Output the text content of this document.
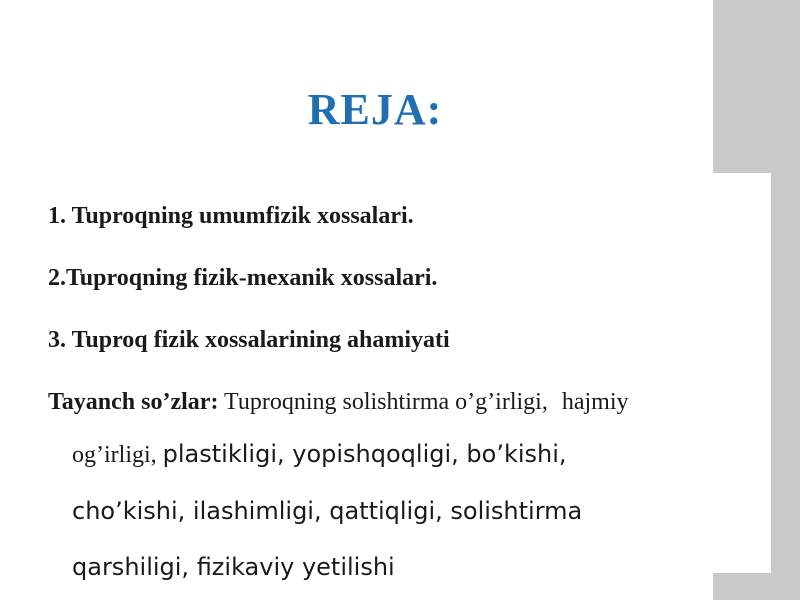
REJA:
1. Tuproqning umumfizik xossalari.
2.Tuproqning fizik-mexanik xossalari.
3. Tuproq fizik xossalarining ahamiyati
Tayanch so’zlar: Tuproqning solishtirma o’g’irligi, hajmiy
og’irligi, plastikligi, yopishqoqligi, bo’kishi,
cho’kishi, ilashimligi, qattiqligi, solishtirma
qarshiligi, fizikaviy yetilishi
